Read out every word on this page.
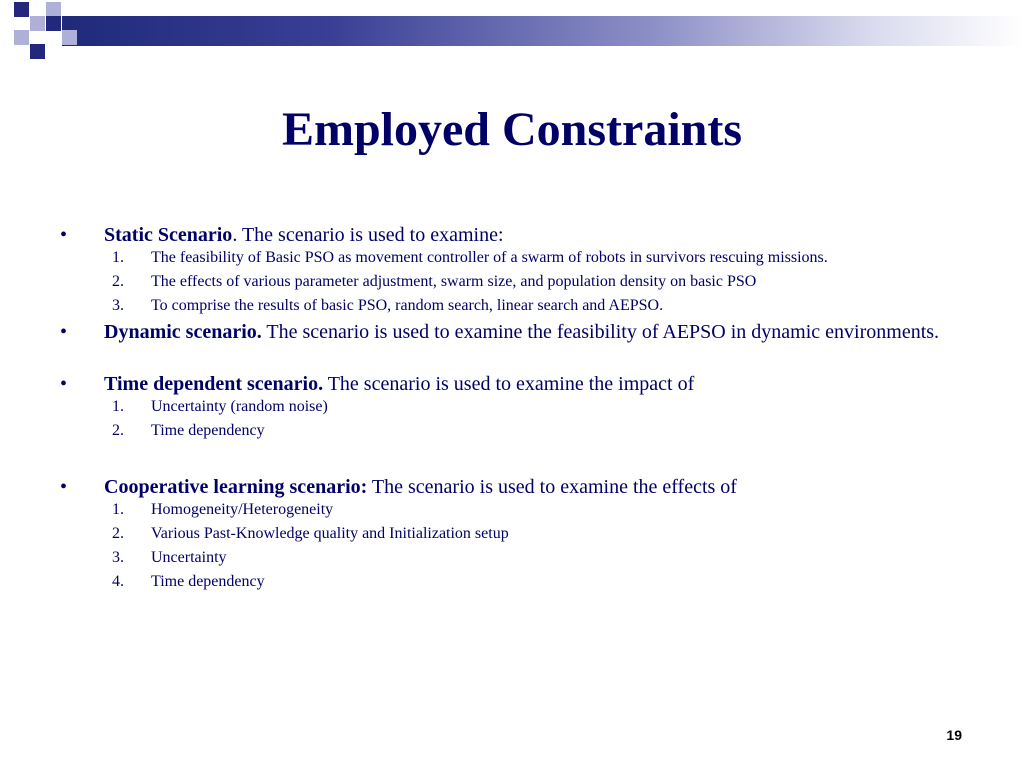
Employed Constraints
•	Static Scenario. The scenario is used to examine:
1.	The feasibility of Basic PSO as movement controller of a swarm of robots in survivors rescuing missions.
2.	The effects of various parameter adjustment, swarm size, and population density on basic PSO
3.	To comprise the results of basic PSO, random search, linear search and AEPSO.
•	Dynamic scenario. The scenario is used to examine the feasibility of AEPSO in dynamic environments.
•	Time dependent scenario. The scenario is used to examine the impact of
1.	Uncertainty (random noise)
2.	Time dependency
•	Cooperative learning scenario: The scenario is used to examine the effects of
1.	Homogeneity/Heterogeneity
2.	Various Past-Knowledge quality and Initialization setup
3.	Uncertainty
4.	Time dependency
19
